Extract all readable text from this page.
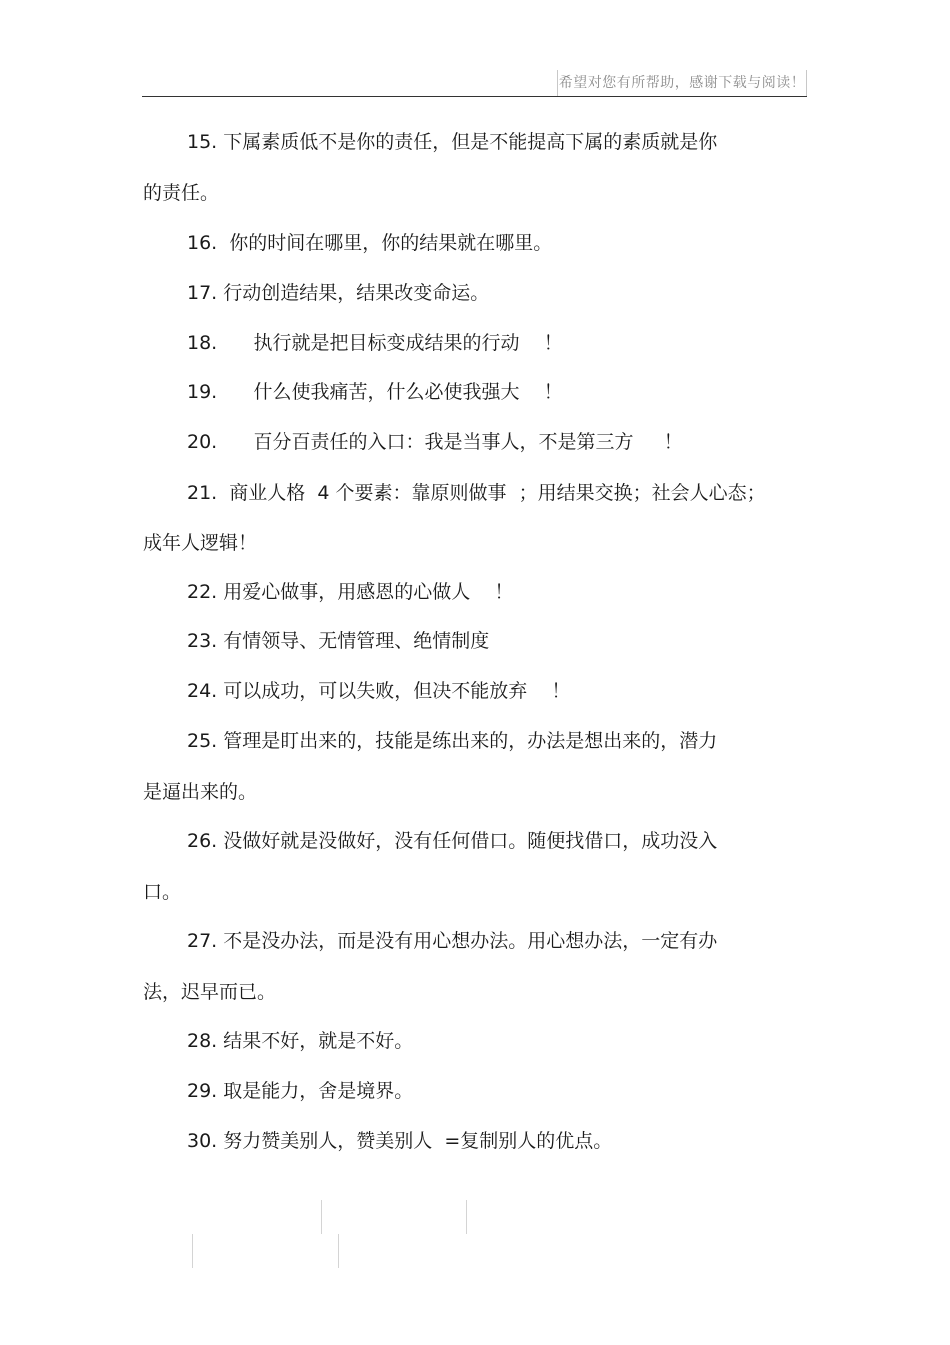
希望对您有所帮助，感谢下载与阅读！
15. 下属素质低不是你的责任，但是不能提高下属的素质就是你
的责任。
16.  你的时间在哪里，你的结果就在哪里。
17. 行动创造结果，结果改变命运。
18.      执行就是把目标变成结果的行动    ！
19.      什么使我痛苦，什么必使我强大    ！
20.      百分百责任的入口：我是当事人，不是第三方     ！
21.  商业人格  4 个要素：靠原则做事  ；用结果交换；社会人心态；
成年人逻辑！
22. 用爱心做事，用感恩的心做人    ！
23. 有情领导、无情管理、绝情制度
24. 可以成功，可以失败，但决不能放弃    ！
25. 管理是盯出来的，技能是练出来的，办法是想出来的，潜力
是逼出来的。
26. 没做好就是没做好，没有任何借口。随便找借口，成功没入
口。
27. 不是没办法，而是没有用心想办法。用心想办法，一定有办
法，迟早而已。
28. 结果不好，就是不好。
29. 取是能力，舍是境界。
30. 努力赞美别人，赞美别人  =复制别人的优点。
